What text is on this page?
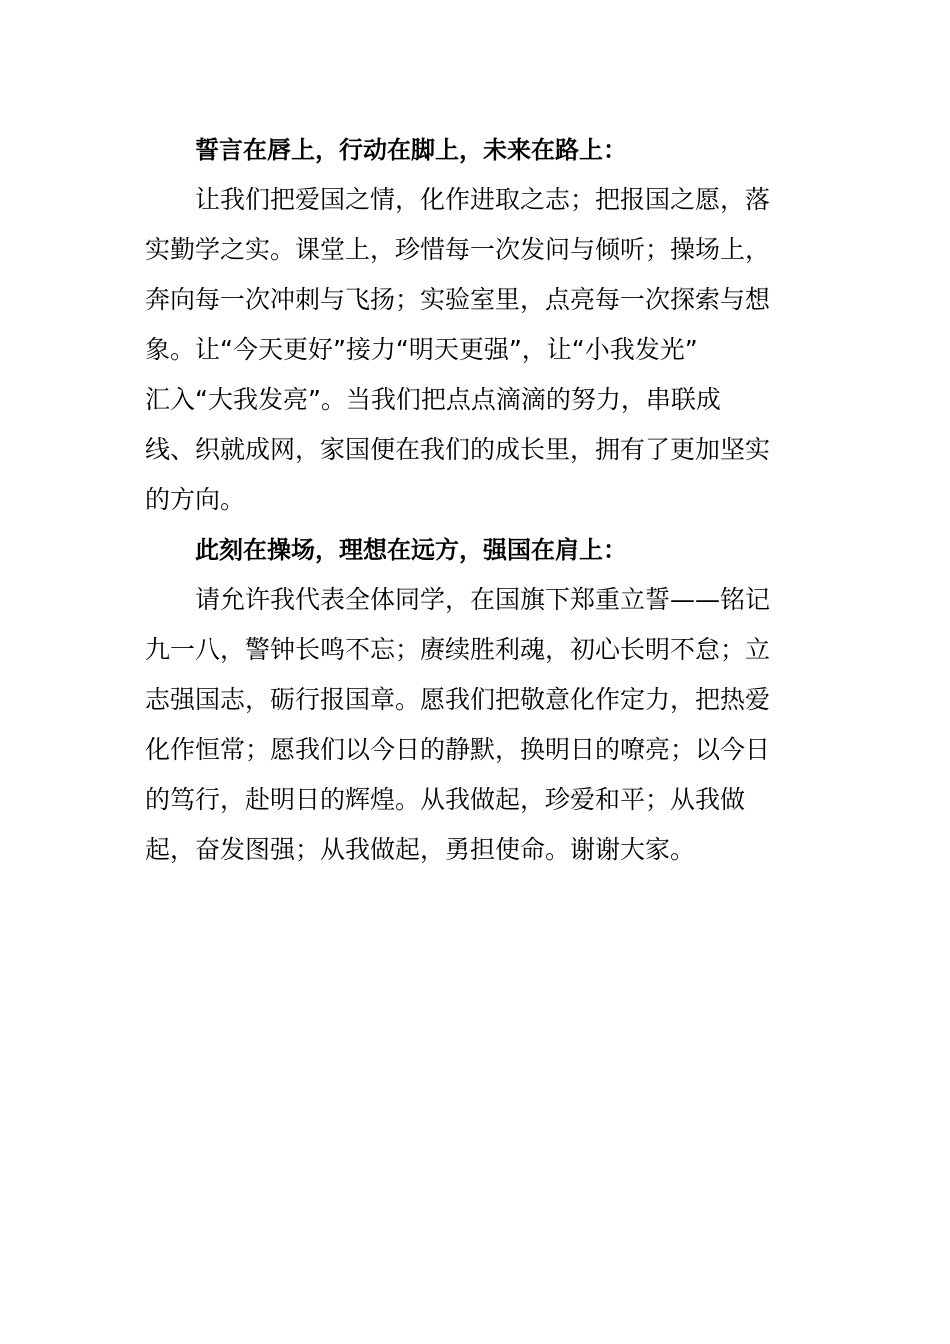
誓言在唇上，行动在脚上，未来在路上：

让我们把爱国之情，化作进取之志；把报国之愿，落

实勤学之实。课堂上，珍惜每一次发问与倾听；操场上，

奔向每一次冲刺与飞扬；实验室里，点亮每一次探索与想

象。让“今天更好”接力“明天更强”，让“小我发光”

汇入“大我发亮”。当我们把点点滴滴的努力，串联成

线、织就成网，家国便在我们的成长里，拥有了更加坚实

的方向。

此刻在操场，理想在远方，强国在肩上：

请允许我代表全体同学，在国旗下郑重立誓——铭记

九一八，警钟长鸣不忘；赓续胜利魂，初心长明不怠；立

志强国志，砺行报国章。愿我们把敬意化作定力，把热爱

化作恒常；愿我们以今日的静默，换明日的嘹亮；以今日

的笃行，赴明日的辉煌。从我做起，珍爱和平；从我做

起，奋发图强；从我做起，勇担使命。谢谢大家。
